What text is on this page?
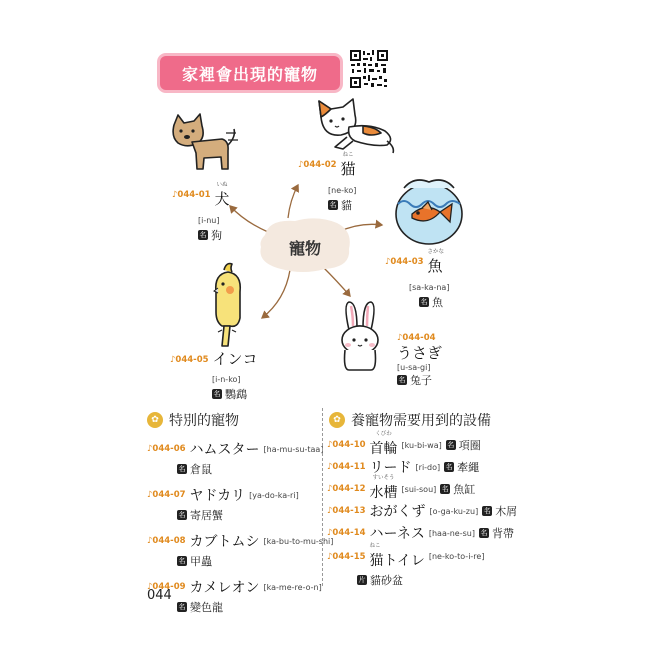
家裡會出現的寵物
寵物
♪044-01
いぬ
犬
[i-nu]
名 狗
♪044-02
ねこ
猫
[ne-ko]
名 貓
♪044-03
さかな
魚
[sa-ka-na]
名 魚
♪044-04
うさぎ
[u-sa-gi]
名 兔子
♪044-05 インコ
[i-n-ko]
名 鸚鵡
✿ 特別的寵物
♪044-06 ハムスター [ha-mu-su-taa]
名 倉鼠
♪044-07 ヤドカリ [ya-do-ka-ri]
名 寄居蟹
♪044-08 カブトムシ [ka-bu-to-mu-shi]
名 甲蟲
♪044-09 カメレオン [ka-me-re-o-n]
名 變色龍
✿ 養寵物需要用到的設備
♪044-10
くびわ
首輪 [ku-bi-wa] 名 項圈
♪044-11 リード [ri-do] 名 牽繩
♪044-12
すいそう
水槽 [sui-sou] 名 魚缸
♪044-13 おがくず [o-ga-ku-zu] 名 木屑
♪044-14 ハーネス [haa-ne-su] 名 背帶
♪044-15
ねこ
猫トイレ [ne-ko-to-i-re]
片 貓砂盆
044
